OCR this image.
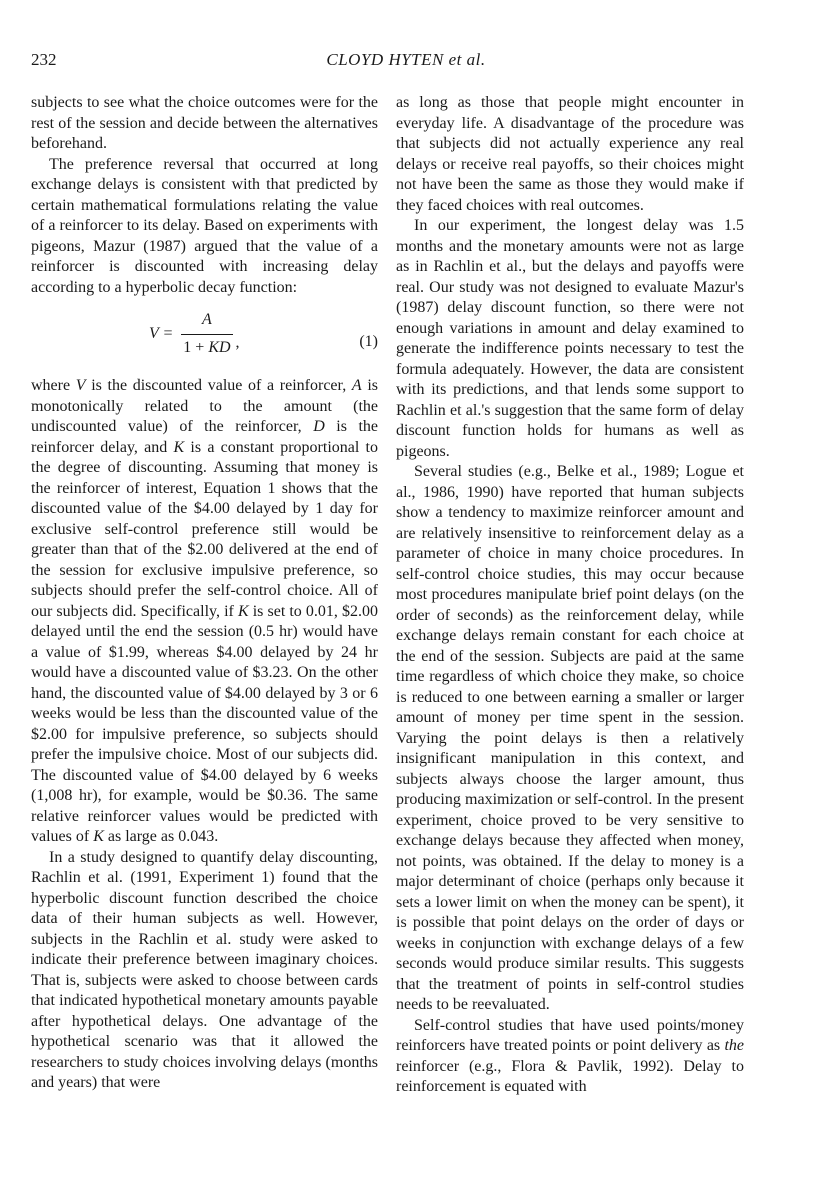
232	CLOYD HYTEN et al.

subjects to see what the choice outcomes were for the rest of the session and decide between the alternatives beforehand.

The preference reversal that occurred at long exchange delays is consistent with that predicted by certain mathematical formulations relating the value of a reinforcer to its delay. Based on experiments with pigeons, Mazur (1987) argued that the value of a reinforcer is discounted with increasing delay according to a hyperbolic decay function:

$V = \frac{A}{1 + KD}$ ,	(1)

where V is the discounted value of a reinforcer, A is monotonically related to the amount (the undiscounted value) of the reinforcer, D is the reinforcer delay, and K is a constant proportional to the degree of discounting. Assuming that money is the reinforcer of interest, Equation 1 shows that the discounted value of the $4.00 delayed by 1 day for exclusive self-control preference still would be greater than that of the $2.00 delivered at the end of the session for exclusive impulsive preference, so subjects should prefer the self-control choice. All of our subjects did. Specifically, if K is set to 0.01, $2.00 delayed until the end the session (0.5 hr) would have a value of $1.99, whereas $4.00 delayed by 24 hr would have a discounted value of $3.23. On the other hand, the discounted value of $4.00 delayed by 3 or 6 weeks would be less than the discounted value of the $2.00 for impulsive preference, so subjects should prefer the impulsive choice. Most of our subjects did. The discounted value of $4.00 delayed by 6 weeks (1,008 hr), for example, would be $0.36. The same relative reinforcer values would be predicted with values of K as large as 0.043.

In a study designed to quantify delay discounting, Rachlin et al. (1991, Experiment 1) found that the hyperbolic discount function described the choice data of their human subjects as well. However, subjects in the Rachlin et al. study were asked to indicate their preference between imaginary choices. That is, subjects were asked to choose between cards that indicated hypothetical monetary amounts payable after hypothetical delays. One advantage of the hypothetical scenario was that it allowed the researchers to study choices involving delays (months and years) that were

as long as those that people might encounter in everyday life. A disadvantage of the procedure was that subjects did not actually experience any real delays or receive real payoffs, so their choices might not have been the same as those they would make if they faced choices with real outcomes.

In our experiment, the longest delay was 1.5 months and the monetary amounts were not as large as in Rachlin et al., but the delays and payoffs were real. Our study was not designed to evaluate Mazur's (1987) delay discount function, so there were not enough variations in amount and delay examined to generate the indifference points necessary to test the formula adequately. However, the data are consistent with its predictions, and that lends some support to Rachlin et al.'s suggestion that the same form of delay discount function holds for humans as well as pigeons.

Several studies (e.g., Belke et al., 1989; Logue et al., 1986, 1990) have reported that human subjects show a tendency to maximize reinforcer amount and are relatively insensitive to reinforcement delay as a parameter of choice in many choice procedures. In self-control choice studies, this may occur because most procedures manipulate brief point delays (on the order of seconds) as the reinforcement delay, while exchange delays remain constant for each choice at the end of the session. Subjects are paid at the same time regardless of which choice they make, so choice is reduced to one between earning a smaller or larger amount of money per time spent in the session. Varying the point delays is then a relatively insignificant manipulation in this context, and subjects always choose the larger amount, thus producing maximization or self-control. In the present experiment, choice proved to be very sensitive to exchange delays because they affected when money, not points, was obtained. If the delay to money is a major determinant of choice (perhaps only because it sets a lower limit on when the money can be spent), it is possible that point delays on the order of days or weeks in conjunction with exchange delays of a few seconds would produce similar results. This suggests that the treatment of points in self-control studies needs to be reevaluated.

Self-control studies that have used points/money reinforcers have treated points or point delivery as the reinforcer (e.g., Flora & Pavlik, 1992). Delay to reinforcement is equated with
